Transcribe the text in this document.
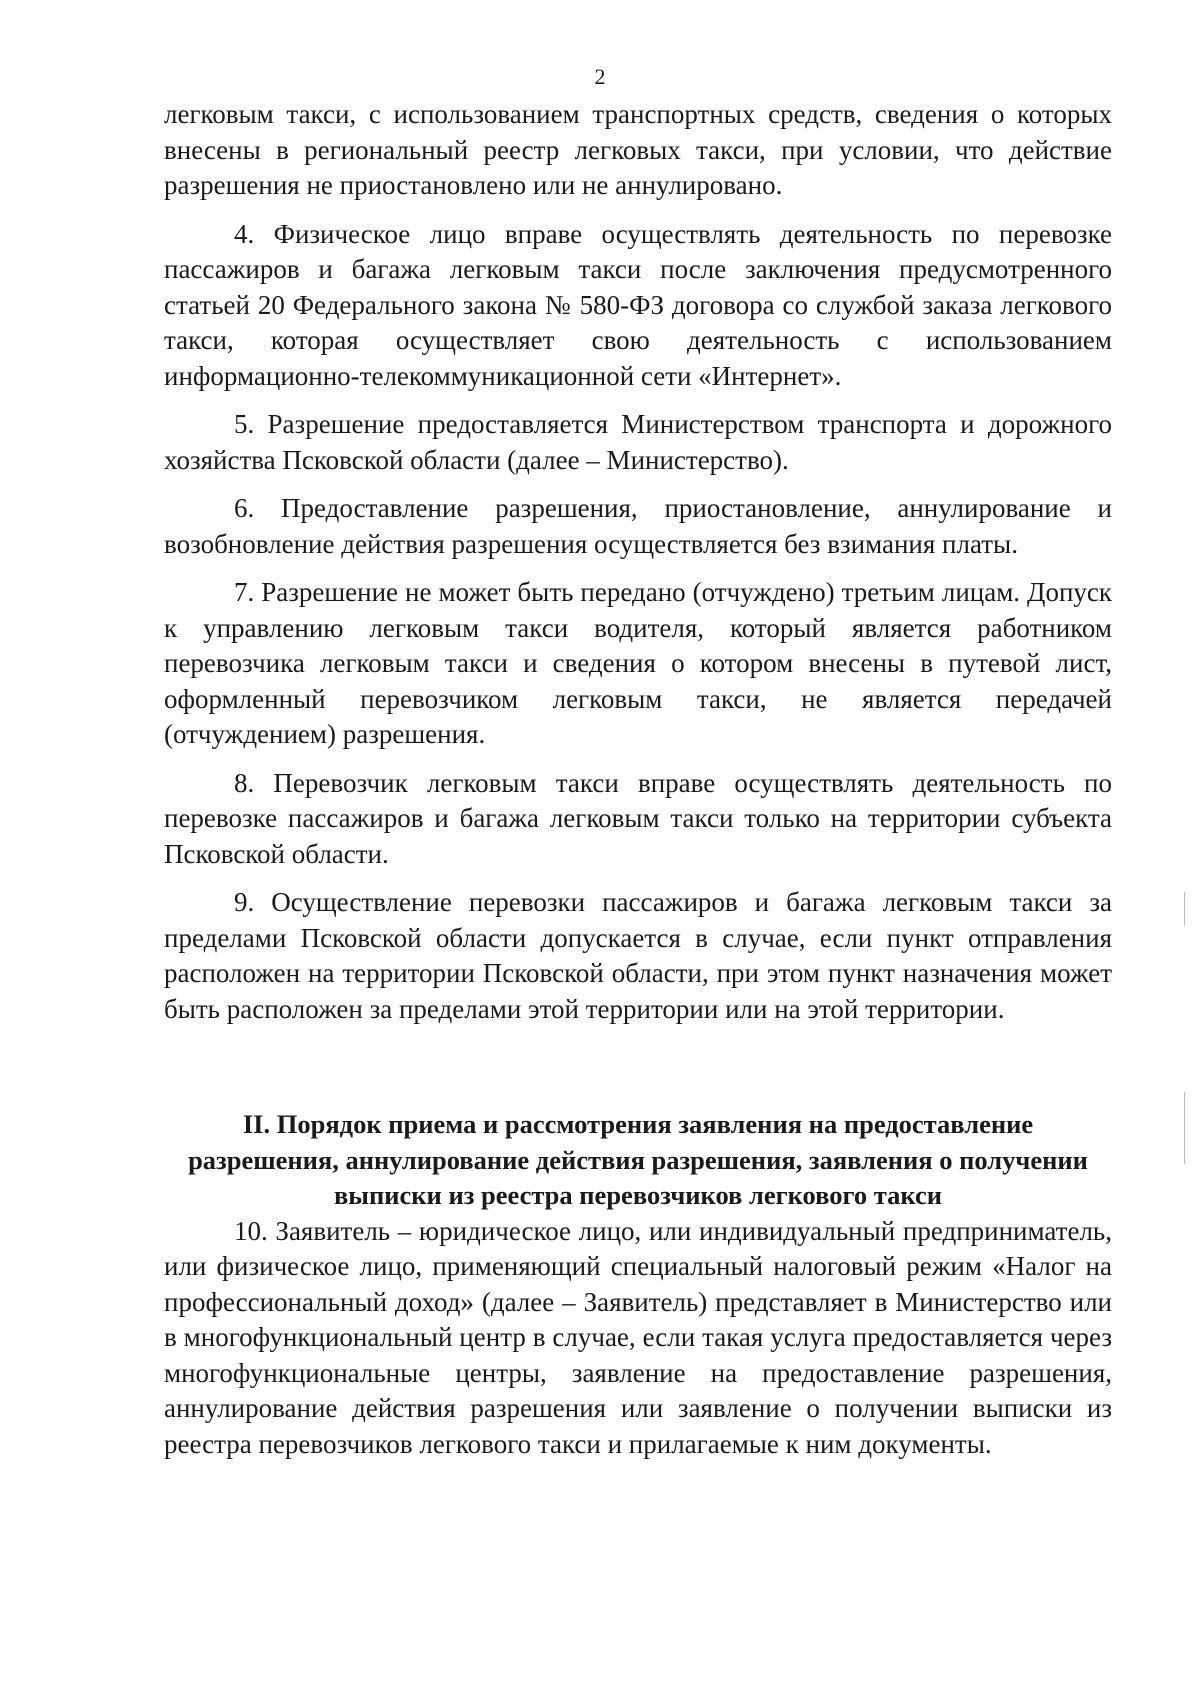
2

легковым такси, с использованием транспортных средств, сведения о которых внесены в региональный реестр легковых такси, при условии, что действие разрешения не приостановлено или не аннулировано.

4. Физическое лицо вправе осуществлять деятельность по перевозке пассажиров и багажа легковым такси после заключения предусмотренного статьей 20 Федерального закона № 580-ФЗ договора со службой заказа легкового такси, которая осуществляет свою деятельность с использованием информационно-телекоммуникационной сети «Интернет».

5. Разрешение предоставляется Министерством транспорта и дорожного хозяйства Псковской области (далее – Министерство).

6. Предоставление разрешения, приостановление, аннулирование и возобновление действия разрешения осуществляется без взимания платы.

7. Разрешение не может быть передано (отчуждено) третьим лицам. Допуск к управлению легковым такси водителя, который является работником перевозчика легковым такси и сведения о котором внесены в путевой лист, оформленный перевозчиком легковым такси, не является передачей (отчуждением) разрешения.

8. Перевозчик легковым такси вправе осуществлять деятельность по перевозке пассажиров и багажа легковым такси только на территории субъекта Псковской области.

9. Осуществление перевозки пассажиров и багажа легковым такси за пределами Псковской области допускается в случае, если пункт отправления расположен на территории Псковской области, при этом пункт назначения может быть расположен за пределами этой территории или на этой территории.

II. Порядок приема и рассмотрения заявления на предоставление разрешения, аннулирование действия разрешения, заявления о получении выписки из реестра перевозчиков легкового такси

10. Заявитель – юридическое лицо, или индивидуальный предприниматель, или физическое лицо, применяющий специальный налоговый режим «Налог на профессиональный доход» (далее – Заявитель) представляет в Министерство или в многофункциональный центр в случае, если такая услуга предоставляется через многофункциональные центры, заявление на предоставление разрешения, аннулирование действия разрешения или заявление о получении выписки из реестра перевозчиков легкового такси и прилагаемые к ним документы.
